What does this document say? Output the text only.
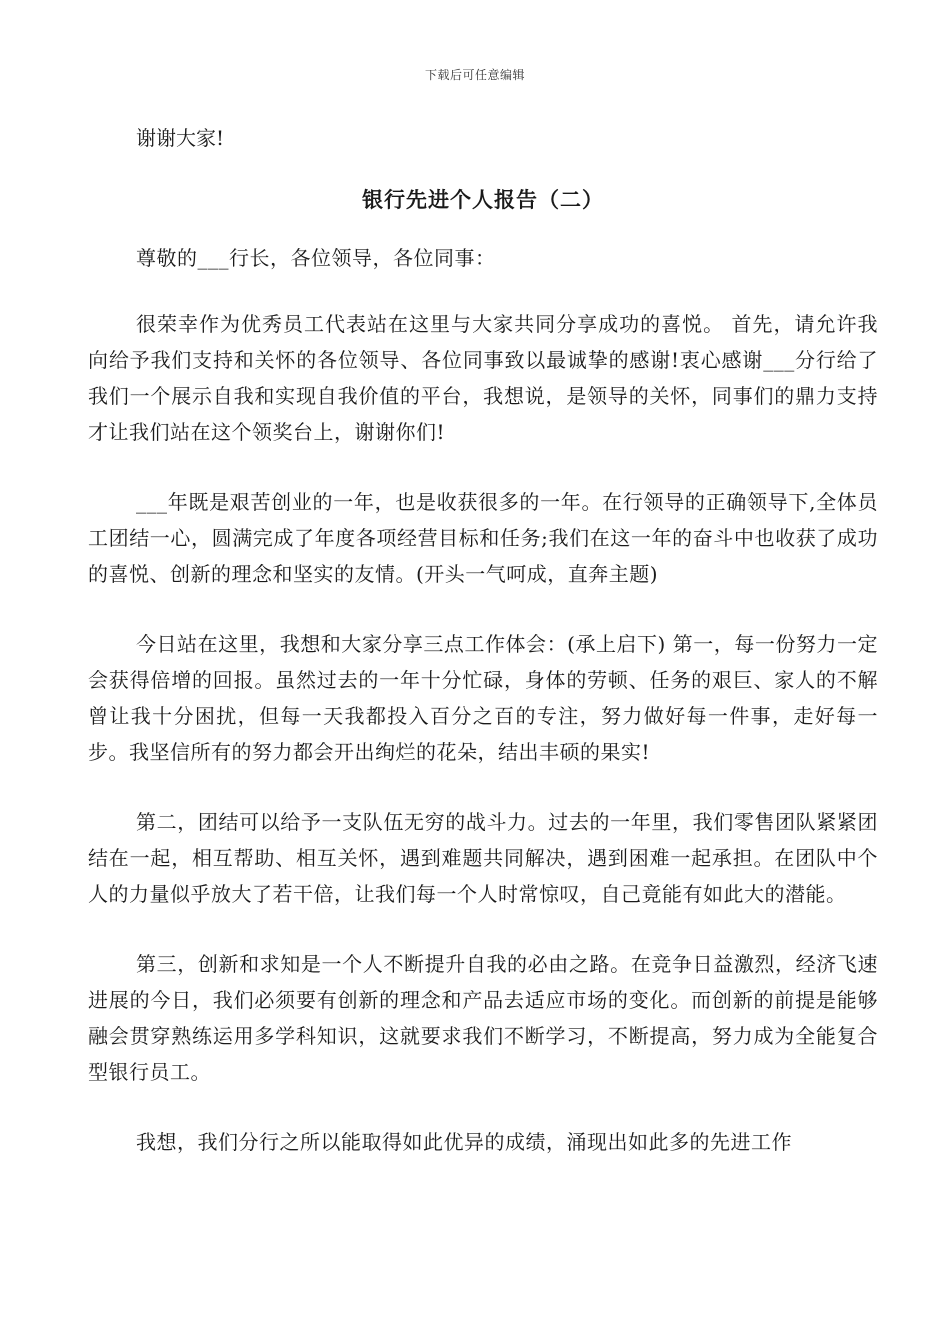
下载后可任意编辑

谢谢大家!

银行先进个人报告（二）

尊敬的___行长，各位领导，各位同事：

很荣幸作为优秀员工代表站在这里与大家共同分享成功的喜悦。 首先，请允许我向给予我们支持和关怀的各位领导、各位同事致以最诚挚的感谢!衷心感谢___分行给了我们一个展示自我和实现自我价值的平台，我想说，是领导的关怀，同事们的鼎力支持才让我们站在这个领奖台上，谢谢你们!

___年既是艰苦创业的一年，也是收获很多的一年。在行领导的正确领导下,全体员工团结一心，圆满完成了年度各项经营目标和任务;我们在这一年的奋斗中也收获了成功的喜悦、创新的理念和坚实的友情。(开头一气呵成，直奔主题)

今日站在这里，我想和大家分享三点工作体会：(承上启下) 第一，每一份努力一定会获得倍增的回报。虽然过去的一年十分忙碌，身体的劳顿、任务的艰巨、家人的不解曾让我十分困扰，但每一天我都投入百分之百的专注，努力做好每一件事，走好每一步。我坚信所有的努力都会开出绚烂的花朵，结出丰硕的果实!

第二，团结可以给予一支队伍无穷的战斗力。过去的一年里，我们零售团队紧紧团结在一起，相互帮助、相互关怀，遇到难题共同解决，遇到困难一起承担。在团队中个人的力量似乎放大了若干倍，让我们每一个人时常惊叹，自己竟能有如此大的潜能。

第三，创新和求知是一个人不断提升自我的必由之路。在竞争日益激烈，经济飞速进展的今日，我们必须要有创新的理念和产品去适应市场的变化。而创新的前提是能够融会贯穿熟练运用多学科知识，这就要求我们不断学习，不断提高，努力成为全能复合型银行员工。

我想，我们分行之所以能取得如此优异的成绩，涌现出如此多的先进工作
